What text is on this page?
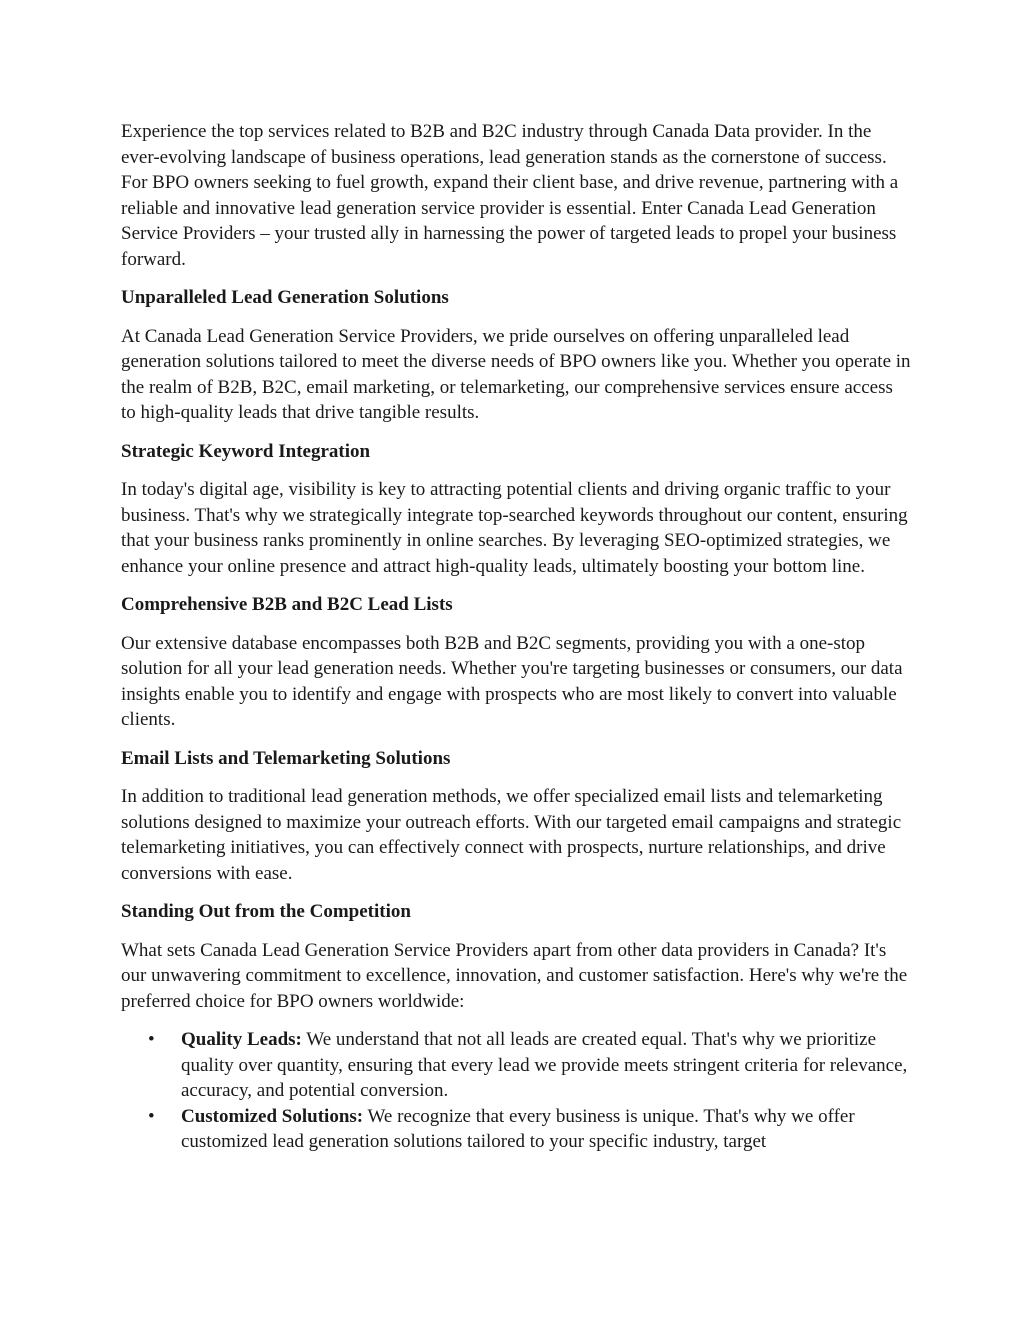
Experience the top services related to B2B and B2C industry through Canada Data provider. In the ever-evolving landscape of business operations, lead generation stands as the cornerstone of success. For BPO owners seeking to fuel growth, expand their client base, and drive revenue, partnering with a reliable and innovative lead generation service provider is essential. Enter Canada Lead Generation Service Providers – your trusted ally in harnessing the power of targeted leads to propel your business forward.

Unparalleled Lead Generation Solutions

At Canada Lead Generation Service Providers, we pride ourselves on offering unparalleled lead generation solutions tailored to meet the diverse needs of BPO owners like you. Whether you operate in the realm of B2B, B2C, email marketing, or telemarketing, our comprehensive services ensure access to high-quality leads that drive tangible results.

Strategic Keyword Integration

In today's digital age, visibility is key to attracting potential clients and driving organic traffic to your business. That's why we strategically integrate top-searched keywords throughout our content, ensuring that your business ranks prominently in online searches. By leveraging SEO-optimized strategies, we enhance your online presence and attract high-quality leads, ultimately boosting your bottom line.

Comprehensive B2B and B2C Lead Lists

Our extensive database encompasses both B2B and B2C segments, providing you with a one-stop solution for all your lead generation needs. Whether you're targeting businesses or consumers, our data insights enable you to identify and engage with prospects who are most likely to convert into valuable clients.

Email Lists and Telemarketing Solutions

In addition to traditional lead generation methods, we offer specialized email lists and telemarketing solutions designed to maximize your outreach efforts. With our targeted email campaigns and strategic telemarketing initiatives, you can effectively connect with prospects, nurture relationships, and drive conversions with ease.

Standing Out from the Competition

What sets Canada Lead Generation Service Providers apart from other data providers in Canada? It's our unwavering commitment to excellence, innovation, and customer satisfaction. Here's why we're the preferred choice for BPO owners worldwide:

• Quality Leads: We understand that not all leads are created equal. That's why we prioritize quality over quantity, ensuring that every lead we provide meets stringent criteria for relevance, accuracy, and potential conversion.
• Customized Solutions: We recognize that every business is unique. That's why we offer customized lead generation solutions tailored to your specific industry, target
